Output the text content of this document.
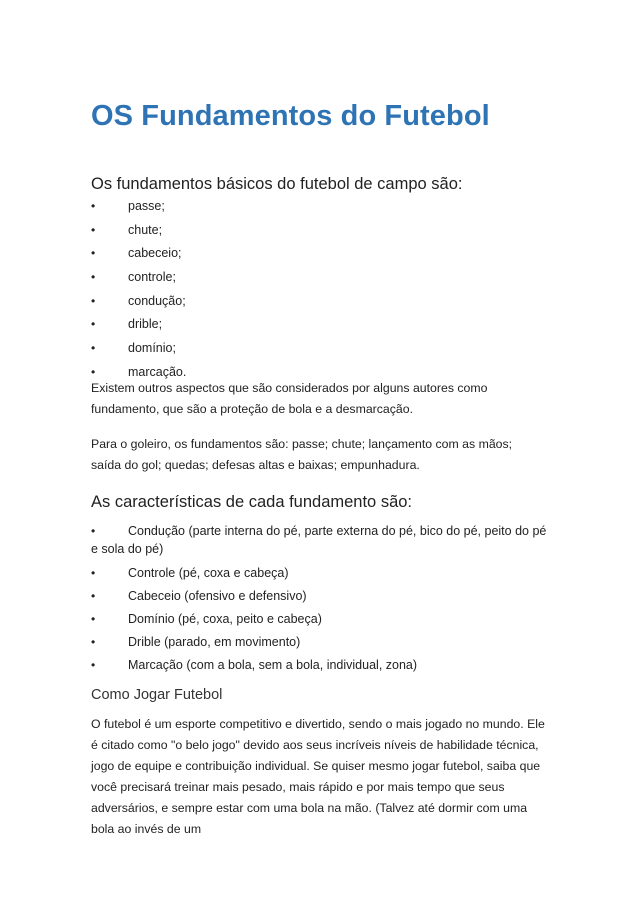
OS Fundamentos do Futebol
Os fundamentos básicos do futebol de campo são:
•	passe;
•	chute;
•	cabeceio;
•	controle;
•	condução;
•	drible;
•	domínio;
•	marcação.

Existem outros aspectos que são considerados por alguns autores como fundamento, que são a proteção de bola e a desmarcação.

Para o goleiro, os fundamentos são: passe; chute; lançamento com as mãos; saída do gol; quedas; defesas altas e baixas; empunhadura.

As características de cada fundamento são:
•	Condução (parte interna do pé, parte externa do pé, bico do pé, peito do pé e sola do pé)
•	Controle (pé, coxa e cabeça)
•	Cabeceio (ofensivo e defensivo)
•	Domínio (pé, coxa, peito e cabeça)
•	Drible (parado, em movimento)
•	Marcação (com a bola, sem a bola, individual, zona)
Como Jogar Futebol

O futebol é um esporte competitivo e divertido, sendo o mais jogado no mundo. Ele é citado como "o belo jogo" devido aos seus incríveis níveis de habilidade técnica, jogo de equipe e contribuição individual. Se quiser mesmo jogar futebol, saiba que você precisará treinar mais pesado, mais rápido e por mais tempo que seus adversários, e sempre estar com uma bola na mão. (Talvez até dormir com uma bola ao invés de um
